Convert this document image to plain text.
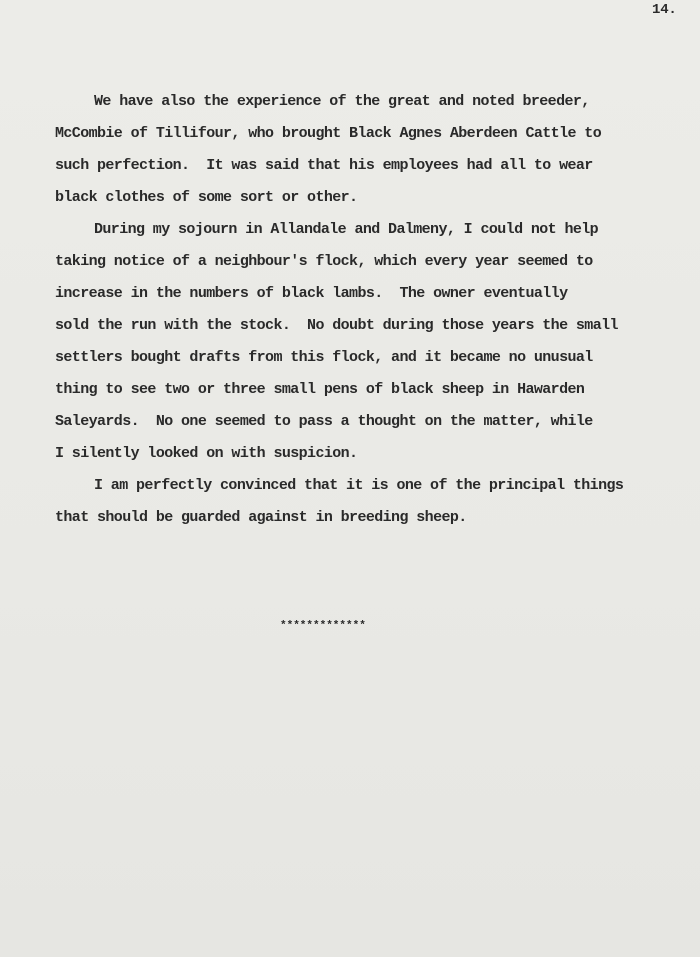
14.
We have also the experience of the great and noted breeder,
McCombie of Tillifour, who brought Black Agnes Aberdeen Cattle to
such perfection.  It was said that his employees had all to wear
black clothes of some sort or other.
During my sojourn in Allandale and Dalmeny, I could not help
taking notice of a neighbour's flock, which every year seemed to
increase in the numbers of black lambs.  The owner eventually
sold the run with the stock.  No doubt during those years the small
settlers bought drafts from this flock, and it became no unusual
thing to see two or three small pens of black sheep in Hawarden
Saleyards.  No one seemed to pass a thought on the matter, while
I silently looked on with suspicion.
I am perfectly convinced that it is one of the principal things
that should be guarded against in breeding sheep.
*************
